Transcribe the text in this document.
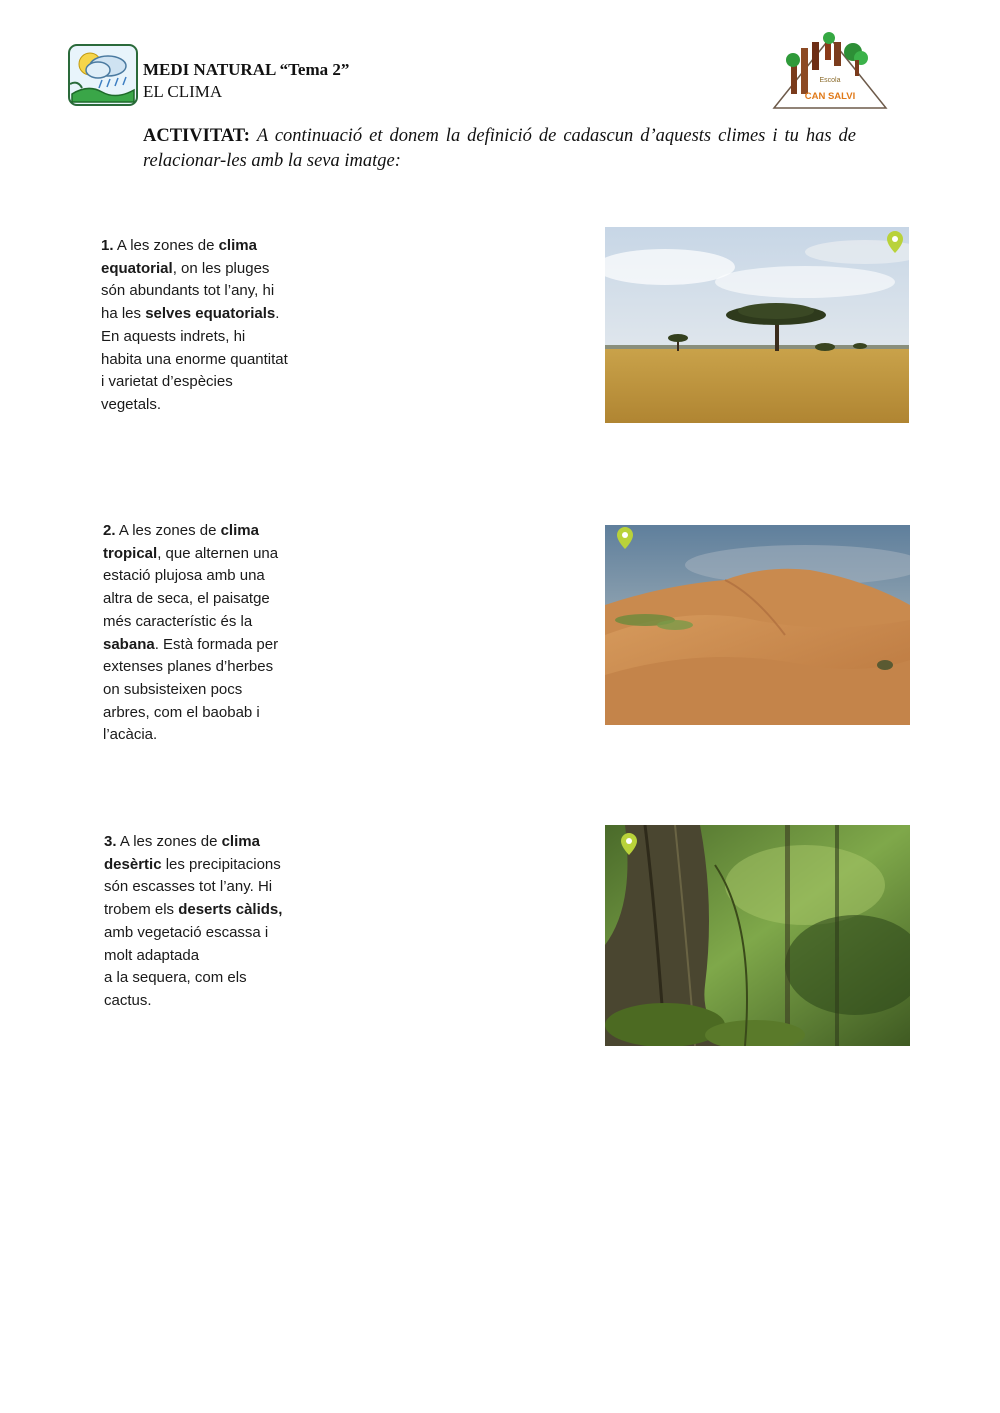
MEDI NATURAL “Tema 2”
EL CLIMA
Escola
CAN SALVI
ACTIVITAT: A continuació et donem la definició de cadascun d’aquests climes i tu has de relacionar-les amb la seva imatge:
1. A les zones de clima
equatorial, on les pluges
són abundants tot l’any, hi
ha les selves equatorials.
En aquests indrets, hi
habita una enorme quantitat
i varietat d’espècies
vegetals.
2. A les zones de clima
tropical, que alternen una
estació plujosa amb una
altra de seca, el paisatge
més característic és la
sabana. Està formada per
extenses planes d’herbes
on subsisteixen pocs
arbres, com el baobab i
l’acàcia.
3. A les zones de clima
desèrtic les precipitacions
són escasses tot l’any. Hi
trobem els deserts càlids,
amb vegetació escassa i
molt adaptada
a la sequera, com els
cactus.
